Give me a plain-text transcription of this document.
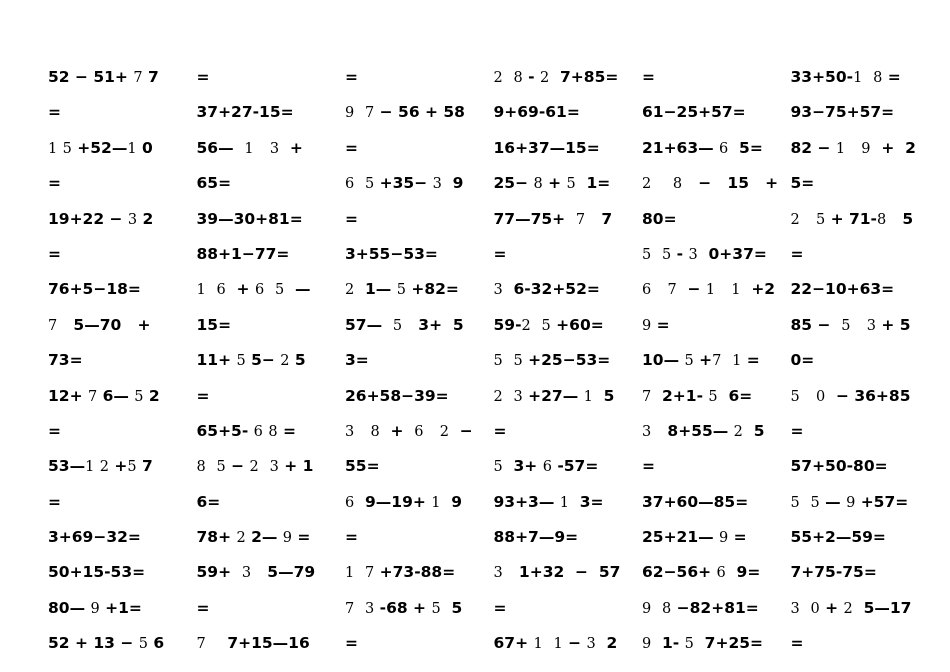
52 − 51+ 7 7
=
1 5 +52—1 0
=
19+22 − 3 2
=
76+5−18=
7   5—70   +
73=
12+ 7 6— 5 2
=
53—1 2 +5 7
=
3+69−32=
50+15-53=
80— 9 +1=
52 + 13 − 5 6
=
37+27-15=
56—  1 3  +
65=
39—30+81=
88+1−77=
1 6  + 6 5  —
15=
11+ 5 5− 2 5
=
65+5- 6 8 =
8 5 − 2 3 + 1
6=
78+ 2 2— 9 =
59+  3   5—79
=
7    7+15—16
=
9 7 − 56 + 58
=
6 5 +35− 3  9
=
3+55−53=
2  1— 5 +82=
57—  5   3+  5
3=
26+58−39=
3 8  +  6 2  −
55=
6  9—19+ 1  9
=
1 7 +73-88=
7 3 -68 + 5  5
=
2 8 - 2  7+85=
9+69-61=
16+37—15=
25− 8 + 5  1=
77—75+  7   7
=
3  6-32+52=
59-2 5 +60=
5 5 +25−53=
2 3 +27— 1  5
=
5  3+ 6 -57=
93+3— 1  3=
88+7—9=
3   1+32  −  57
=
67+ 1 1 − 3  2
=
61−25+57=
21+63— 6  5=
2 8   −   15   +
80=
5 5 - 3  0+37=
6 7  − 1 1  +2
9 =
10— 5 +7 1 =
7  2+1- 5  6=
3   8+55— 2  5
=
37+60—85=
25+21— 9 =
62−56+ 6  9=
9 8 −82+81=
9  1- 5  7+25=
33+50-1 8 =
93−75+57=
82 − 1 9  +  2
5=
2 5 + 71-8   5
=
22−10+63=
85 −  5 3 + 5
0=
5 0  − 36+85
=
57+50-80=
5 5 — 9 +57=
55+2—59=
7+75-75=
3 0 + 2  5—17
=
